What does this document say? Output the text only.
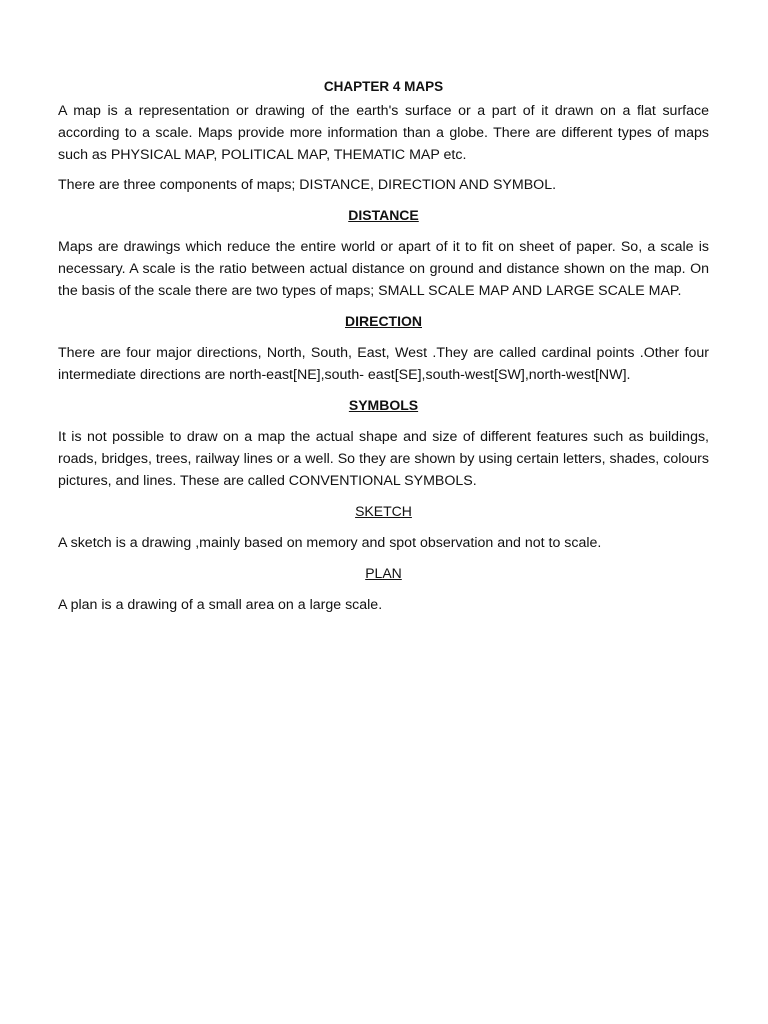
CHAPTER 4 MAPS

A map is a representation or drawing of the earth's surface or a part of it drawn on a flat surface according to a scale. Maps provide more information than a globe. There are different types of maps such as PHYSICAL MAP, POLITICAL MAP, THEMATIC MAP etc.

There are three components of maps; DISTANCE, DIRECTION AND SYMBOL.

DISTANCE

Maps are drawings which reduce the entire world or apart of it to fit on sheet of paper. So, a scale is necessary. A scale is the ratio between actual distance on ground and distance shown on the map. On the basis of the scale there are two types of maps; SMALL SCALE MAP AND LARGE SCALE MAP.

DIRECTION

There are four major directions, North, South, East, West .They are called cardinal points .Other four intermediate directions are north-east[NE],south- east[SE],south-west[SW],north-west[NW].

SYMBOLS

It is not possible to draw on a map the actual shape and size of different features such as buildings, roads, bridges, trees, railway lines or a well. So they are shown by using certain letters, shades, colours pictures, and lines. These are called CONVENTIONAL SYMBOLS.

SKETCH

A sketch is a drawing ,mainly based on memory and spot observation and not to scale.

PLAN

A plan is a drawing of a small area on a large scale.
